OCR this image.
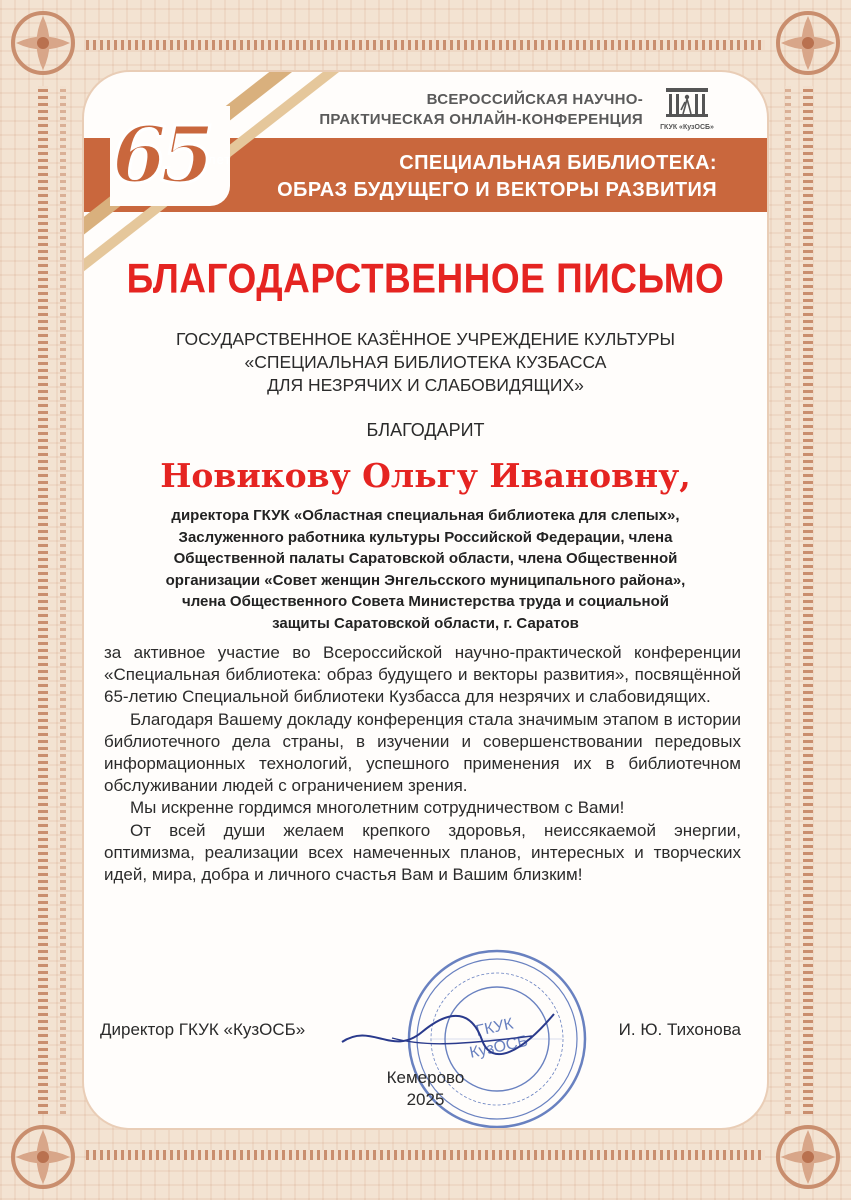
65 лет
ВСЕРОССИЙСКАЯ НАУЧНО-
ПРАКТИЧЕСКАЯ ОНЛАЙН-КОНФЕРЕНЦИЯ ГКУК «КузОСБ»
СПЕЦИАЛЬНАЯ БИБЛИОТЕКА:
ОБРАЗ БУДУЩЕГО И ВЕКТОРЫ РАЗВИТИЯ
БЛАГОДАРСТВЕННОЕ ПИСЬМО
ГОСУДАРСТВЕННОЕ КАЗЁННОЕ УЧРЕЖДЕНИЕ КУЛЬТУРЫ
«СПЕЦИАЛЬНАЯ БИБЛИОТЕКА КУЗБАССА
ДЛЯ НЕЗРЯЧИХ И СЛАБОВИДЯЩИХ»
БЛАГОДАРИТ
Новикову Ольгу Ивановну,
директора ГКУК «Областная специальная библиотека для слепых»,
Заслуженного работника культуры Российской Федерации, члена
Общественной палаты Саратовской области, члена Общественной
организации «Совет женщин Энгельсского муниципального района»,
члена Общественного Совета Министерства труда и социальной
защиты Саратовской области, г. Саратов

за активное участие во Всероссийской научно-практической конференции «Специальная библиотека: образ будущего и векторы развития», посвящённой 65-летию Специальной библиотеки Кузбасса для незрячих и слабовидящих.

Благодаря Вашему докладу конференция стала значимым этапом в истории библиотечного дела страны, в изучении и совершенствовании передовых информационных технологий, успешного применения их в библиотечном обслуживании людей с ограничением зрения.

Мы искренне гордимся многолетним сотрудничеством с Вами!

От всей души желаем крепкого здоровья, неиссякаемой энергии, оптимизма, реализации всех намеченных планов, интересных и творческих идей, мира, добра и личного счастья Вам и Вашим близким!

ГКУК
КузОСБ
Директор ГКУК «КузОСБ»	И. Ю. Тихонова
Кемерово
2025
